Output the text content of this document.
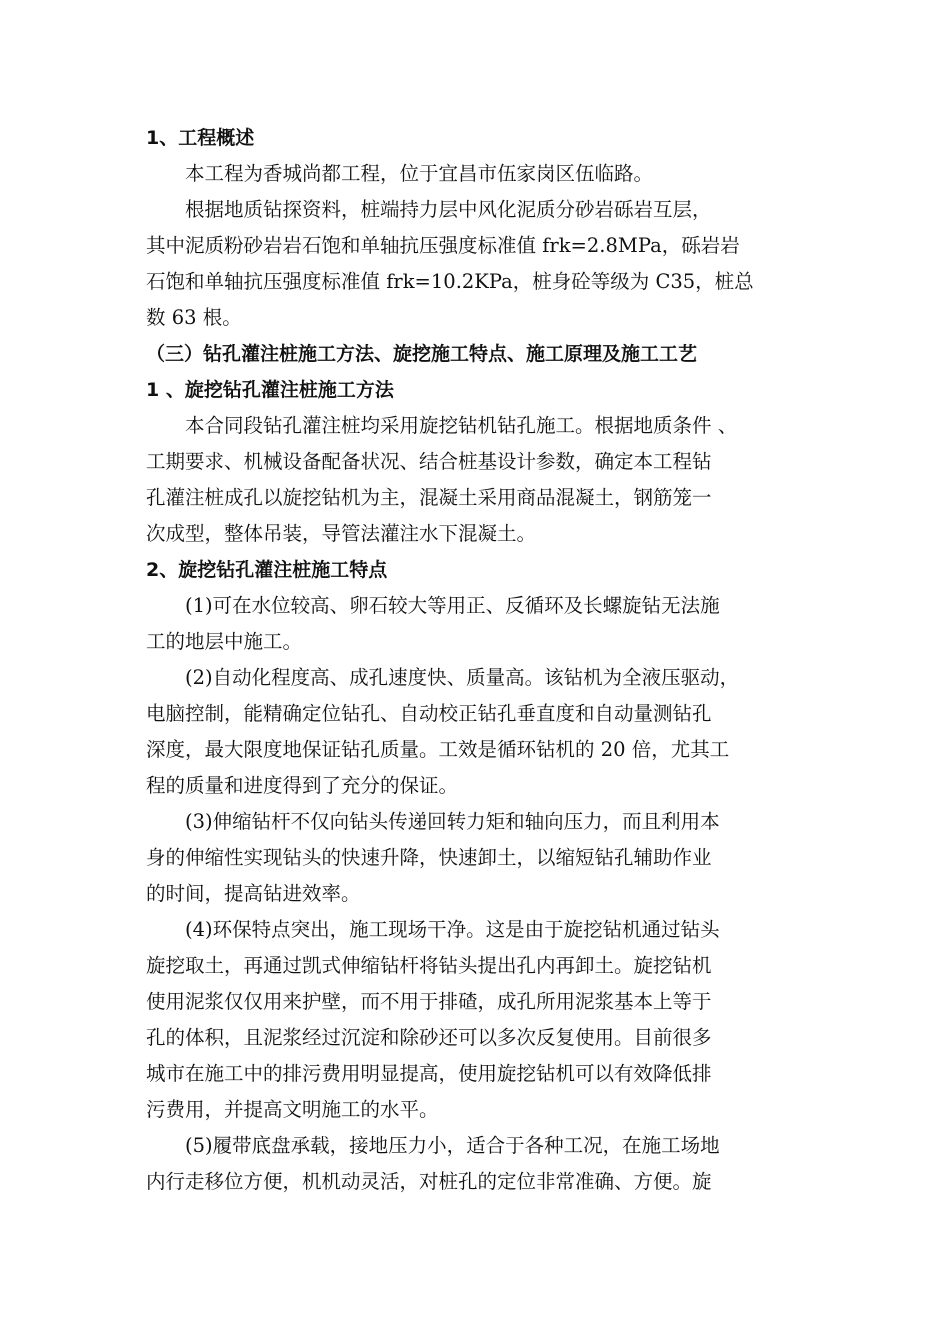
1、工程概述
本工程为香城尚都工程，位于宜昌市伍家岗区伍临路。
根据地质钻探资料，桩端持力层中风化泥质分砂岩砾岩互层，
其中泥质粉砂岩岩石饱和单轴抗压强度标准值 frk=2.8MPa，砾岩岩
石饱和单轴抗压强度标准值 frk=10.2KPa，桩身砼等级为 C35，桩总
数 63 根。
（三）钻孔灌注桩施工方法、旋挖施工特点、施工原理及施工工艺
1 、旋挖钻孔灌注桩施工方法
本合同段钻孔灌注桩均采用旋挖钻机钻孔施工。根据地质条件 、
工期要求、机械设备配备状况、结合桩基设计参数，确定本工程钻
孔灌注桩成孔以旋挖钻机为主，混凝土采用商品混凝土，钢筋笼一
次成型，整体吊装，导管法灌注水下混凝土。
2、旋挖钻孔灌注桩施工特点
(1)可在水位较高、卵石较大等用正、反循环及长螺旋钻无法施
工的地层中施工。
(2)自动化程度高、成孔速度快、质量高。该钻机为全液压驱动，
电脑控制，能精确定位钻孔、自动校正钻孔垂直度和自动量测钻孔
深度，最大限度地保证钻孔质量。工效是循环钻机的 20 倍，尤其工
程的质量和进度得到了充分的保证。
(3)伸缩钻杆不仅向钻头传递回转力矩和轴向压力，而且利用本
身的伸缩性实现钻头的快速升降，快速卸土，以缩短钻孔辅助作业
的时间，提高钻进效率。
(4)环保特点突出，施工现场干净。这是由于旋挖钻机通过钻头
旋挖取土，再通过凯式伸缩钻杆将钻头提出孔内再卸土。旋挖钻机
使用泥浆仅仅用来护壁，而不用于排碴，成孔所用泥浆基本上等于
孔的体积，且泥浆经过沉淀和除砂还可以多次反复使用。目前很多
城市在施工中的排污费用明显提高，使用旋挖钻机可以有效降低排
污费用，并提高文明施工的水平。
(5)履带底盘承载，接地压力小，适合于各种工况，在施工场地
内行走移位方便，机机动灵活，对桩孔的定位非常准确、方便。旋
